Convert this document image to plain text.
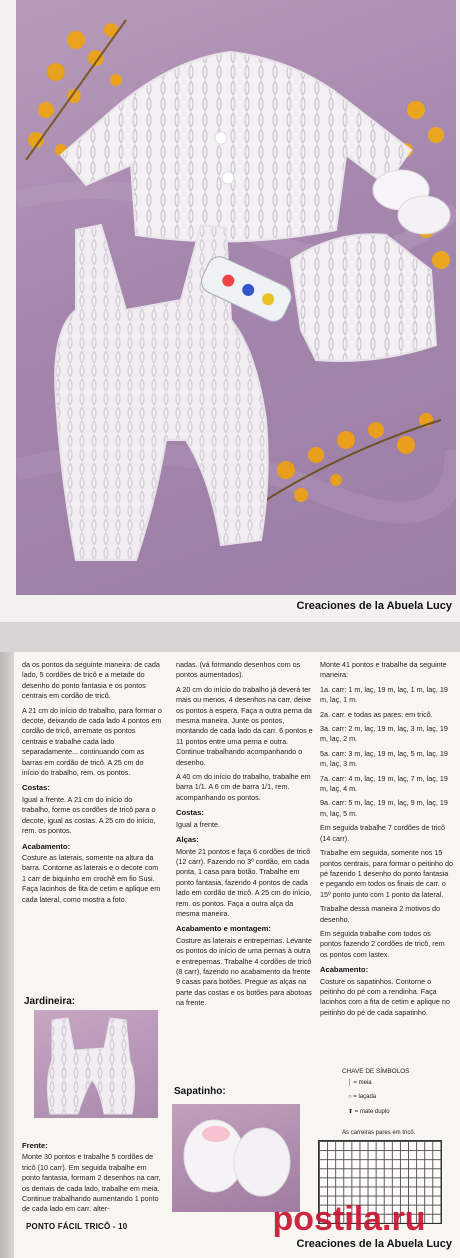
Creaciones de la Abuela Lucy

da os pontos da seguinte maneira: de cada lado, 5 cordões de tricô e a metade do desenho do ponto fantasia e os pontos centrais em cordão de tricô.

A 21 cm do início do trabalho, para formar o decote, deixando de cada lado 4 pontos em cordão de tricô, arremate os pontos centrais e trabalhe cada lado separadamente... continuando com as barras em cordão de tricô. A 25 cm do início do trabalho, rem. os pontos.

Costas:

Igual a frente. A 21 cm do início do trabalho, forme os cordões de tricô para o decote, igual as costas. A 25 cm do início, rem. os pontos.

Acabamento:

Costure as laterais, somente na altura da barra. Contorne as laterais e o decote com 1 carr de biquinho em crochê em fio Susi. Faça lacinhos de fita de cetim e aplique em cada lateral, como mostra a foto.

Jardineira:
Frente:

Monte 30 pontos e trabalhe 5 cordões de tricô (10 carr). Em seguida trabalhe em ponto fantasia, formam 2 desenhos na carr, os demais de cada lado, trabalhe em meia. Continue trabalhando aumentando 1 ponto de cada lado em carr. alter-

nadas. (vá formando desenhos com os pontos aumentados).

A 20 cm do início do trabalho já deverá ter mais ou menos, 4 desenhos na carr, deixe os pontos à espera. Faça a outra perna da mesma maneira. Junte os pontos, montando de cada lado da carr. 6 pontos e 11 pontos entre uma perna e outra. Continue trabalhando acompanhando o desenho.

A 40 cm do início do trabalho, trabalhe em barra 1/1. A 6 cm de barra 1/1, rem. acompanhando os pontos.

Costas:

Igual a frente.

Alças:

Monte 21 pontos e faça 6 cordões de tricô (12 carr). Fazendo no 3º cordão, em cada ponta, 1 casa para botão. Trabalhe em ponto fantasia, fazendo 4 pontos de cada lado em cordão de tricô. A 25 cm do início, rem. os pontos. Faça a outra alça da mesma maneira.

Acabamento e montagem:

Costure as laterais e entrepernas. Levante os pontos do início de uma pernas à outra e entrepernas. Trabalhe 4 cordões de tricô (8 carr), fazendo no acabamento da frente 9 casas para botões. Pregue as alças na parte das costas e os botões para abotoas na frente.

Sapatinho:

Monte 41 pontos e trabalhe da seguinte maneira:

1a. carr: 1 m, laç, 19 m, laç, 1 m, laç, 19 m, laç, 1 m.

2a. carr. e todas as pares: em tricô.

3a. carr: 2 m, laç, 19 m, laç, 3 m, laç, 19 m, laç, 2 m.

5a. carr: 3 m, laç, 19 m, laç, 5 m, laç, 19 m, laç, 3 m.

7a. carr: 4 m, laç, 19 m, laç, 7 m, laç, 19 m, laç, 4 m.

9a. carr: 5 m, laç, 19 m, laç, 9 m, laç, 19 m, laç, 5 m.

Em seguida trabalhe 7 cordões de tricô (14 carr).

Trabalhe em seguida, somente nos 15 pontos centrais, para formar o peitinho do pé fazendo 1 desenho do ponto fantasia e pegando em todos os finais de carr. o 15º ponto junto com 1 ponto da lateral.

Trabalhe dessa maneira 2 motivos do desenho.

Em seguida trabalhe com todos os pontos fazendo 2 cordões de tricô, rem os pontos com lastex.

Acabamento:

Costure os sapatinhos. Contorne o peitinho do pé com a rendinha. Faça lacinhos com a fita de cetim e aplique no peitinho do pé de cada sapatinho.

CHAVE DE SÍMBOLOS
│ = meia
○ = laçada
⬆ = mate duplo
As carreiras pares em tricô.
PONTO FÁCIL TRICÔ - 10	postila.ru
Creaciones de la Abuela Lucy
